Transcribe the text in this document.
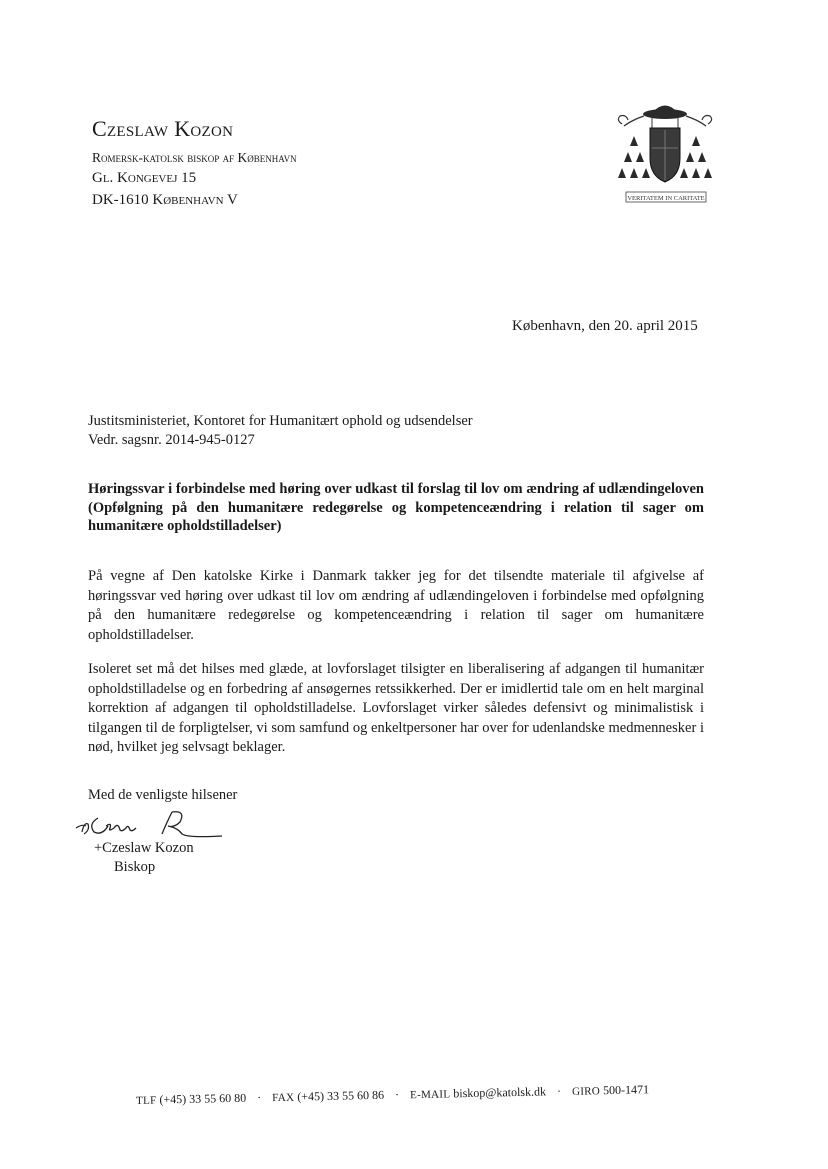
Czeslaw Kozon
Romersk-katolsk biskop af København
Gl. Kongevej 15
DK-1610 København V	VERITATEM IN CARITATE
København, den 20. april 2015
Justitsministeriet, Kontoret for Humanitært ophold og udsendelser
Vedr. sagsnr. 2014-945-0127
Høringssvar i forbindelse med høring over udkast til forslag til lov om ændring af udlændingeloven (Opfølgning på den humanitære redegørelse og kompetenceændring i relation til sager om humanitære opholdstilladelser)
På vegne af Den katolske Kirke i Danmark takker jeg for det tilsendte materiale til afgivelse af høringssvar ved høring over udkast til lov om ændring af udlændingeloven i forbindelse med opfølgning på den humanitære redegørelse og kompetenceændring i relation til sager om humanitære opholdstilladelser.
Isoleret set må det hilses med glæde, at lovforslaget tilsigter en liberalisering af adgangen til humanitær opholdstilladelse og en forbedring af ansøgernes retssikkerhed. Der er imidlertid tale om en helt marginal korrektion af adgangen til opholdstilladelse. Lovforslaget virker således defensivt og minimalistisk i tilgangen til de forpligtelser, vi som samfund og enkeltpersoner har over for udenlandske medmennesker i nød, hvilket jeg selvsagt beklager.
Med de venligste hilsener
+Czeslaw Kozon
Biskop
TLF (+45) 33 55 60 80 · FAX (+45) 33 55 60 86 · E-MAIL biskop@katolsk.dk · GIRO 500-1471
